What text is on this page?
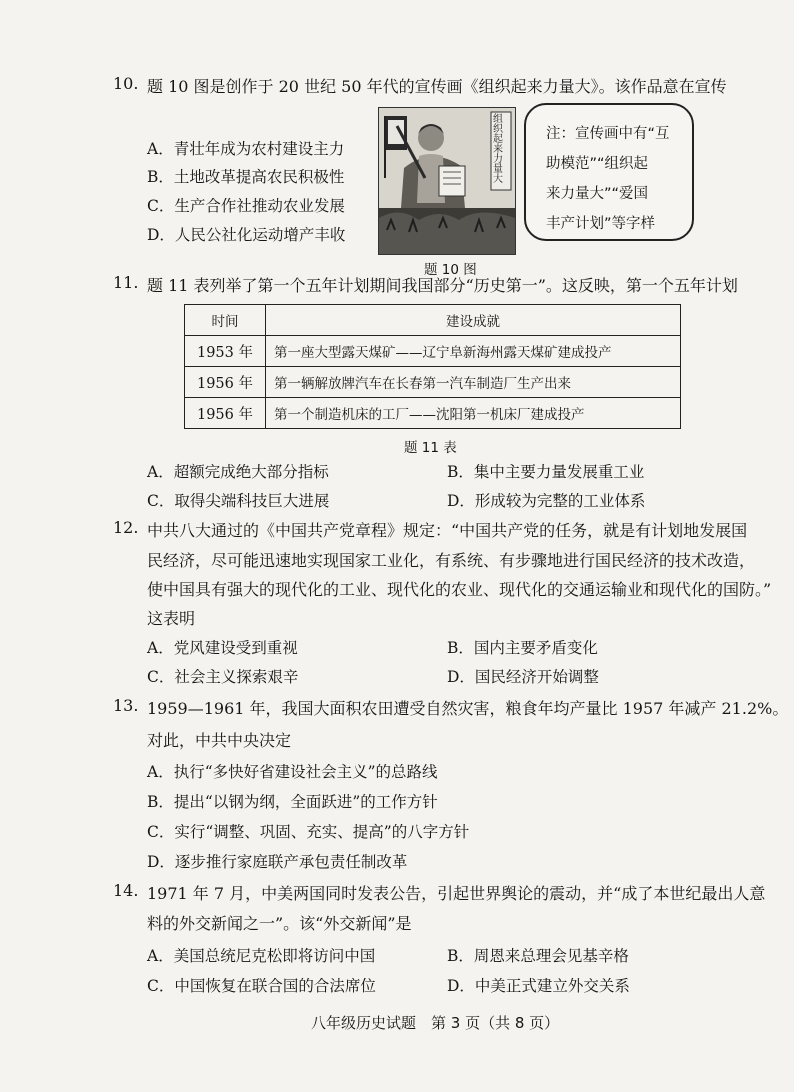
10. 题 10 图是创作于 20 世纪 50 年代的宣传画《组织起来力量大》。该作品意在宣传
A．青壮年成为农村建设主力
B．土地改革提高农民积极性
C．生产合作社推动农业发展
D．人民公社化运动增产丰收
组织起来力量大
注：宣传画中有“互
助模范”“组织起
来力量大”“爱国
丰产计划”等字样
题 10 图
11. 题 11 表列举了第一个五年计划期间我国部分“历史第一”。这反映，第一个五年计划
时间	建设成就
1953 年	第一座大型露天煤矿——辽宁阜新海州露天煤矿建成投产
1956 年	第一辆解放牌汽车在长春第一汽车制造厂生产出来
1956 年	第一个制造机床的工厂——沈阳第一机床厂建成投产
题 11 表
A．超额完成绝大部分指标	B．集中主要力量发展重工业
C．取得尖端科技巨大进展	D．形成较为完整的工业体系
12. 中共八大通过的《中国共产党章程》规定：“中国共产党的任务，就是有计划地发展国
民经济，尽可能迅速地实现国家工业化，有系统、有步骤地进行国民经济的技术改造，
使中国具有强大的现代化的工业、现代化的农业、现代化的交通运输业和现代化的国防。”
这表明
A．党风建设受到重视	B．国内主要矛盾变化
C．社会主义探索艰辛	D．国民经济开始调整
13. 1959—1961 年，我国大面积农田遭受自然灾害，粮食年均产量比 1957 年减产 21.2%。
对此，中共中央决定
A．执行“多快好省建设社会主义”的总路线
B．提出“以钢为纲，全面跃进”的工作方针
C．实行“调整、巩固、充实、提高”的八字方针
D．逐步推行家庭联产承包责任制改革
14. 1971 年 7 月，中美两国同时发表公告，引起世界舆论的震动，并“成了本世纪最出人意
料的外交新闻之一”。该“外交新闻”是
A．美国总统尼克松即将访问中国	B．周恩来总理会见基辛格
C．中国恢复在联合国的合法席位	D．中美正式建立外交关系
八年级历史试题　第 3 页（共 8 页）
